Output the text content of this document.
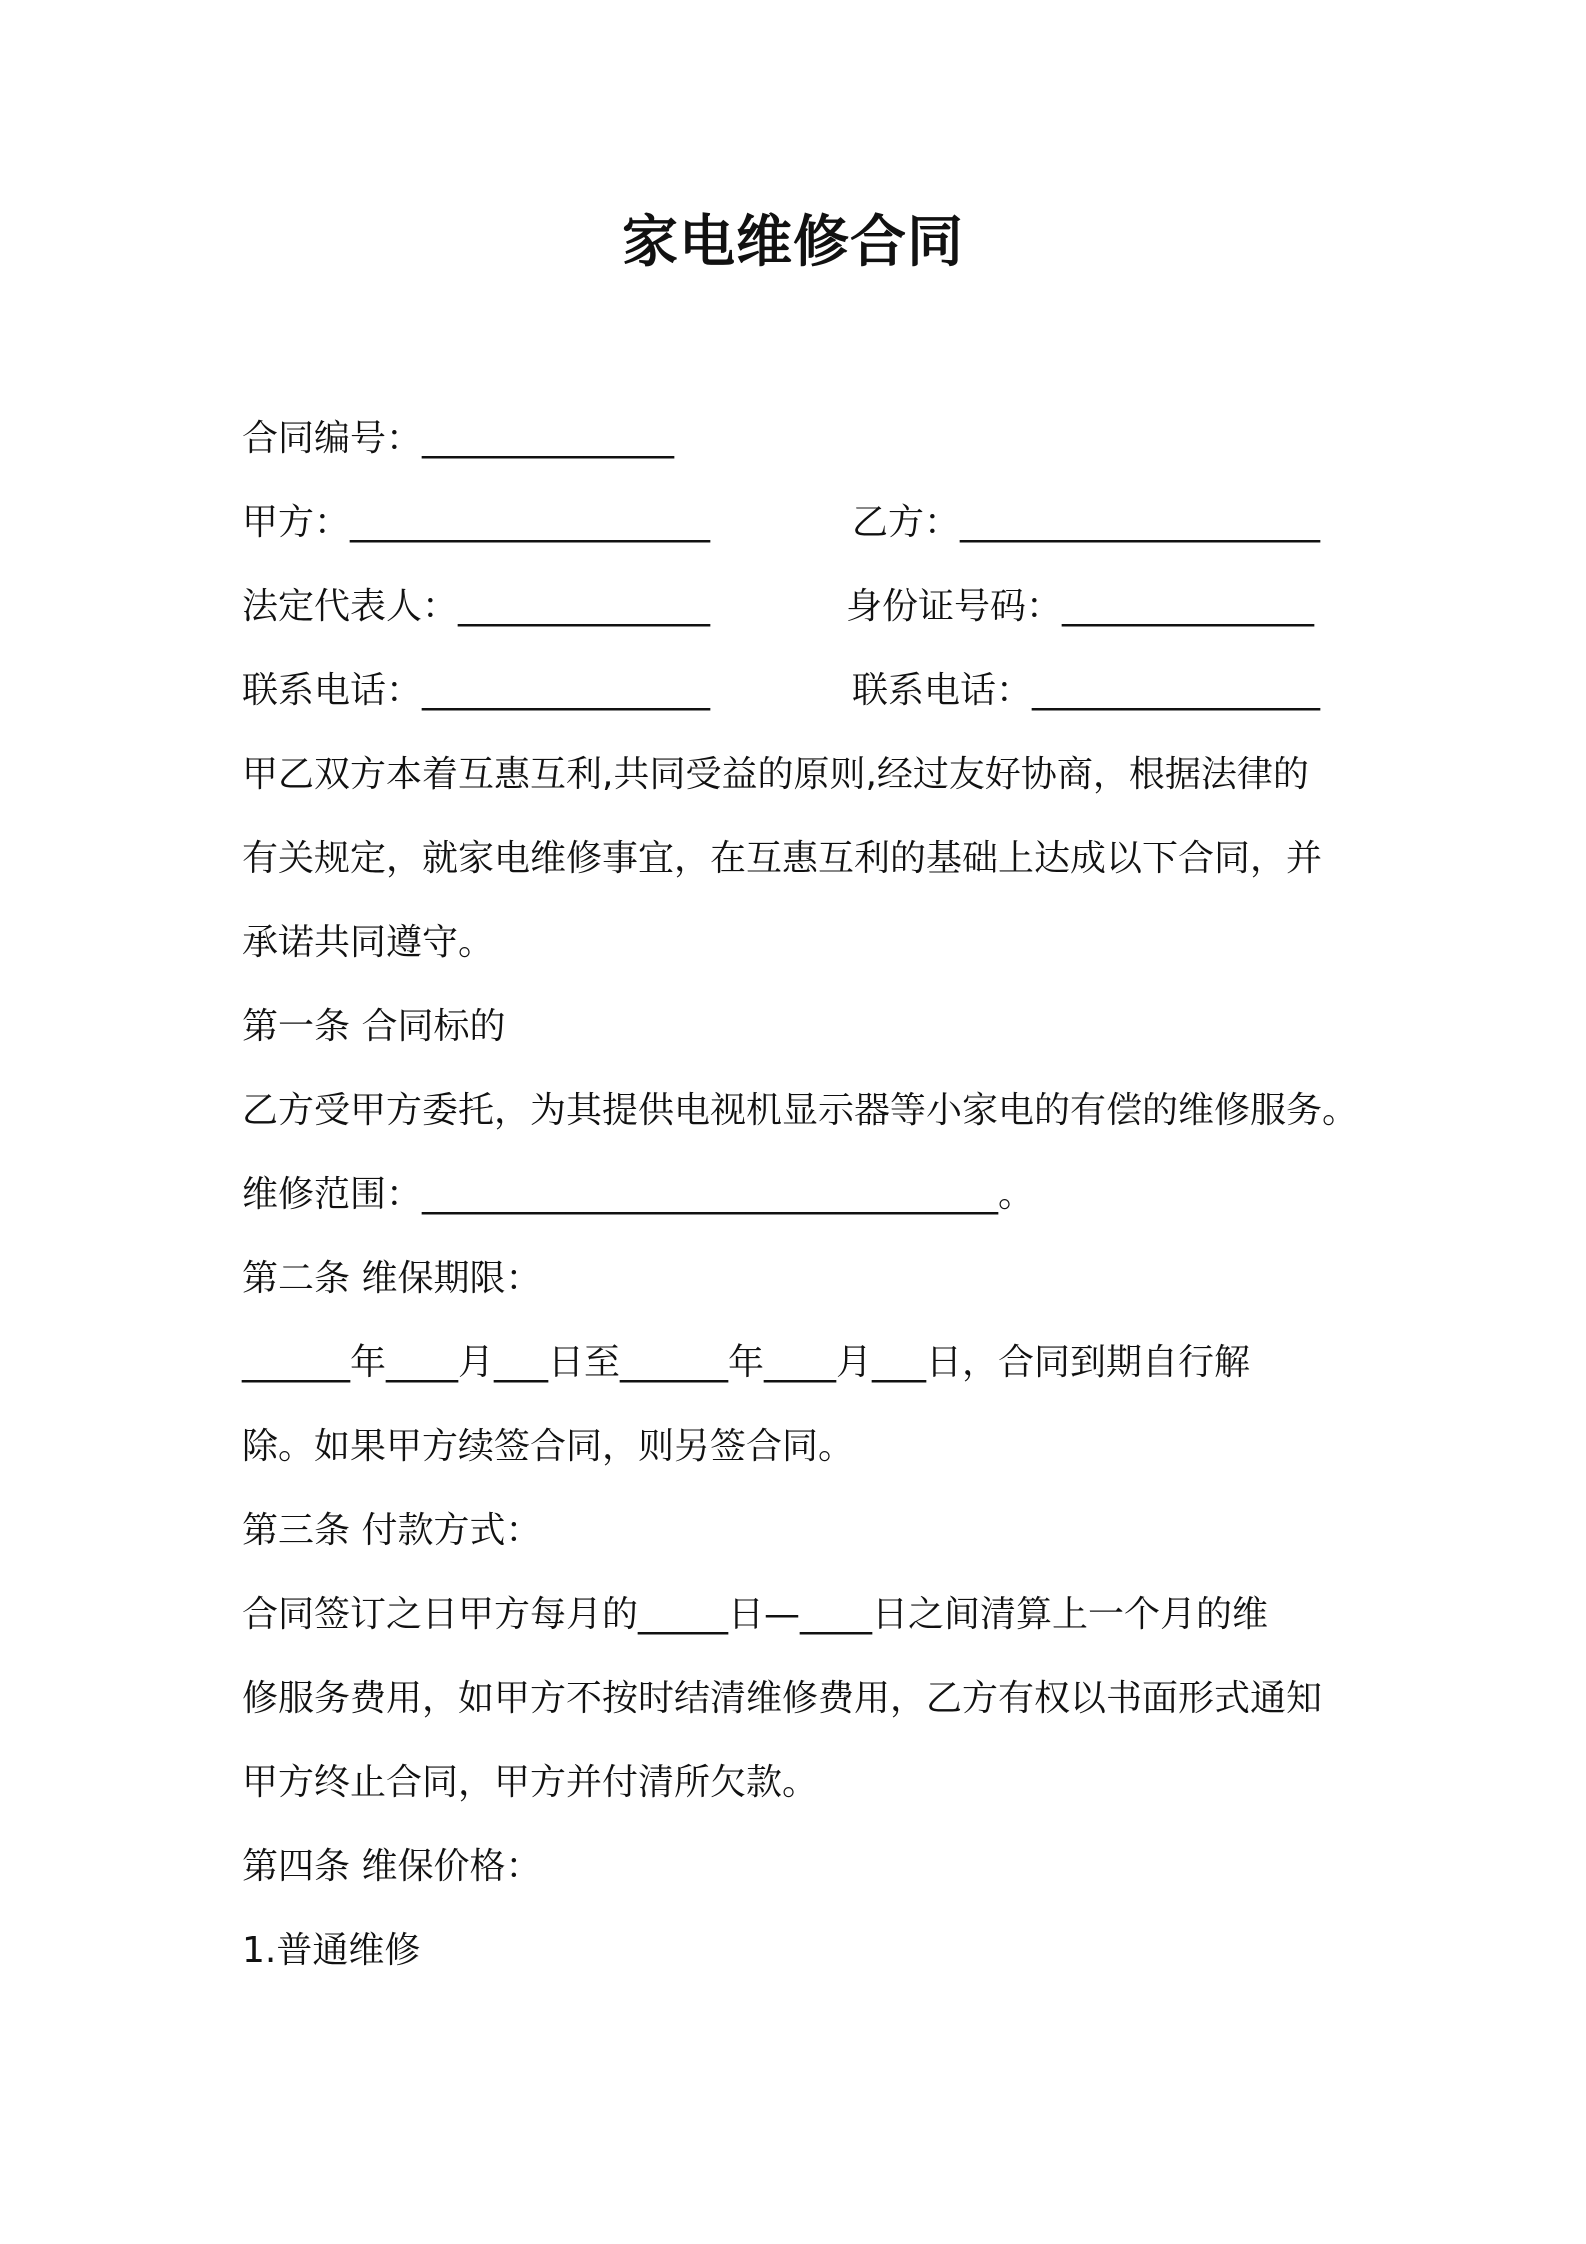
家电维修合同
合同编号：______________
甲方：____________________	乙方：____________________
法定代表人：______________	身份证号码：______________
联系电话：________________	联系电话：________________
甲乙双方本着互惠互利,共同受益的原则,经过友好协商，根据法律的
有关规定，就家电维修事宜，在互惠互利的基础上达成以下合同，并
承诺共同遵守。
第一条 合同标的
乙方受甲方委托，为其提供电视机显示器等小家电的有偿的维修服务。
维修范围：________________________________。
第二条 维保期限：
______年____月___日至______年____月___日，合同到期自行解
除。如果甲方续签合同，则另签合同。
第三条 付款方式：
合同签订之日甲方每月的_____日—____日之间清算上一个月的维
修服务费用，如甲方不按时结清维修费用，乙方有权以书面形式通知
甲方终止合同，甲方并付清所欠款。
第四条 维保价格：
1.普通维修
